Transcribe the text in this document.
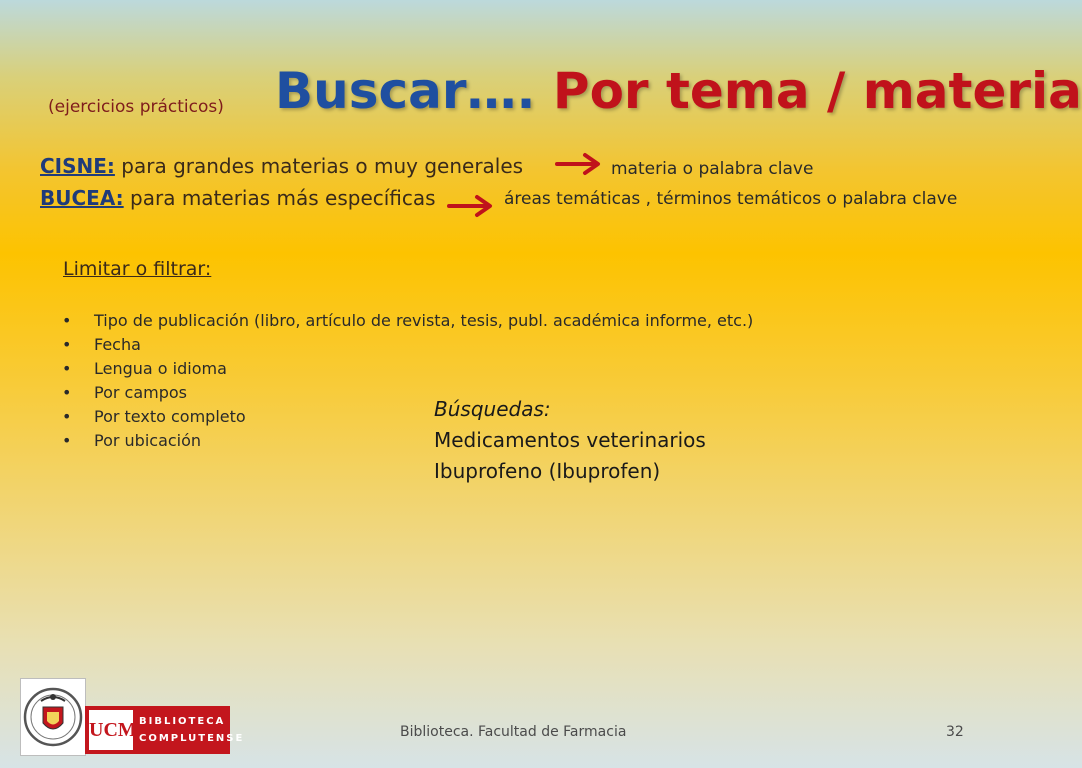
(ejercicios prácticos) Buscar…. Por tema / materia
CISNE: para grandes materias o muy generales	materia o palabra clave
BUCEA: para materias más específicas	áreas temáticas , términos temáticos o palabra clave
Limitar o filtrar:
• Tipo de publicación (libro, artículo de revista, tesis, publ. académica informe, etc.)
• Fecha
• Lengua o idioma
• Por campos
• Por texto completo
• Por ubicación
Búsquedas:
Medicamentos veterinarios
Ibuprofeno (Ibuprofen)
UCM BIBLIOTECA
COMPLUTENSE	Biblioteca. Facultad de Farmacia	32
